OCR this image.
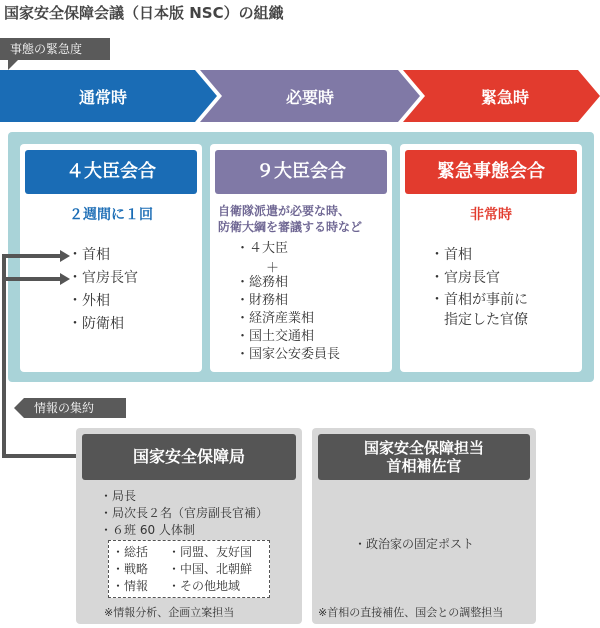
国家安全保障会議（日本版 NSC）の組織
事態の緊急度
通常時	必要時	緊急時
４大臣会合
２週間に１回
・ 首相
・ 官房長官
・ 外相
・ 防衛相
９大臣会合
自衛隊派遣が必要な時、
防衛大綱を審議する時など
・ ４大臣
＋
・ 総務相
・ 財務相
・ 経済産業相
・ 国土交通相
・ 国家公安委員長
緊急事態会合
非常時
・ 首相
・ 官房長官
・ 首相が事前に
指定した官僚
情報の集約
国家安全保障局
・ 局長
・ 局次長２名（官房副長官補）
・ ６班 60 人体制
・ 総括
・ 戦略
・ 情報
・ 同盟、友好国
・ 中国、北朝鮮
・ その他地域
※情報分析、企画立案担当
国家安全保障担当
首相補佐官
・ 政治家の固定ポスト
※首相の直接補佐、国会との調整担当
